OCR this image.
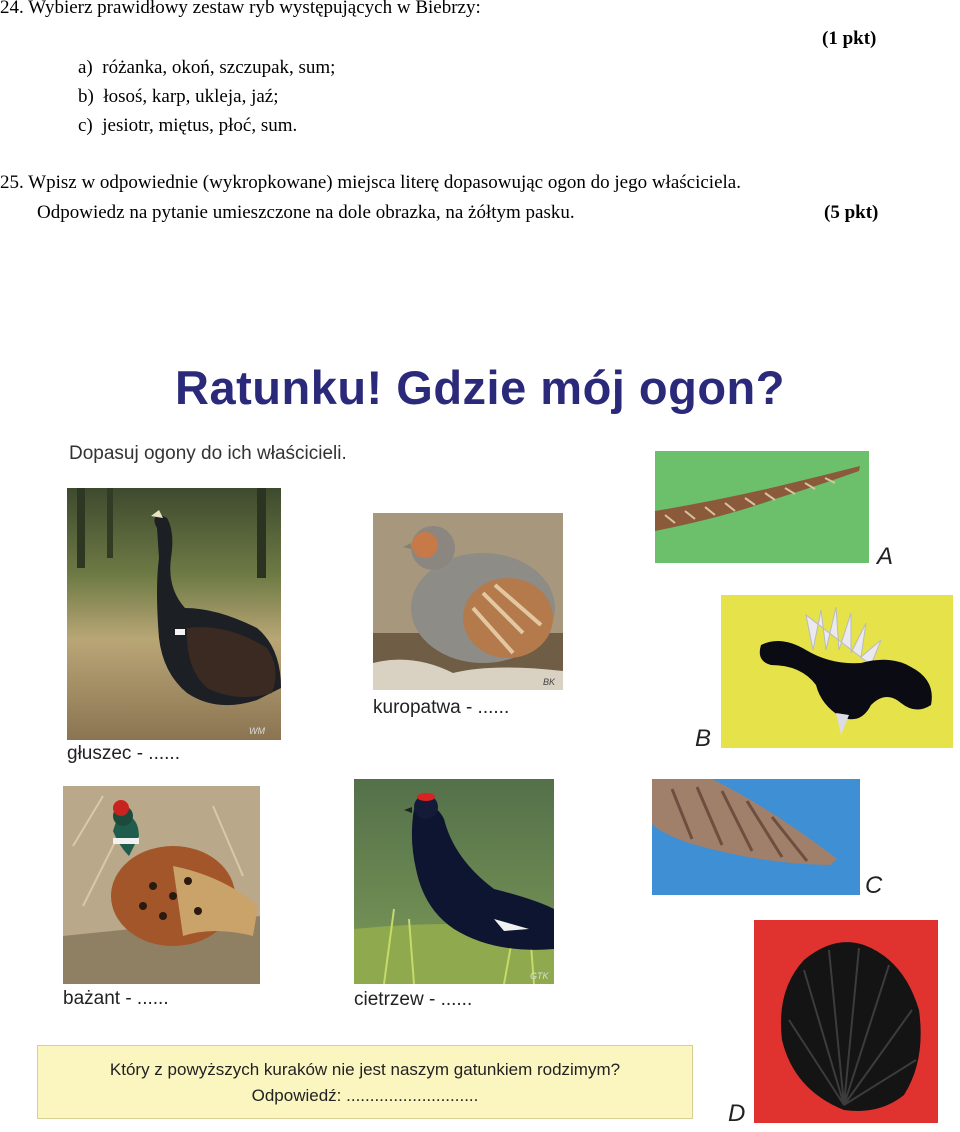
24. Wybierz prawidłowy zestaw ryb występujących w Biebrzy:
(1 pkt)
a)  różanka, okoń, szczupak, sum;
b)  łosoś, karp, ukleja, jaź;
c)  jesiotr, miętus, płoć, sum.
25. Wpisz w odpowiednie (wykropkowane) miejsca literę dopasowując ogon do jego właściciela.
Odpowiedz na pytanie umieszczone na dole obrazka, na żółtym pasku.	(5 pkt)
Ratunku! Gdzie mój ogon?
Dopasuj ogony do ich właścicieli.
WM
głuszec - ......
BK
kuropatwa - ......
bażant - ......
GTK
cietrzew - ......
A
B
C
D
Który z powyższych kuraków nie jest naszym gatunkiem rodzimym?
Odpowiedź: ............................
